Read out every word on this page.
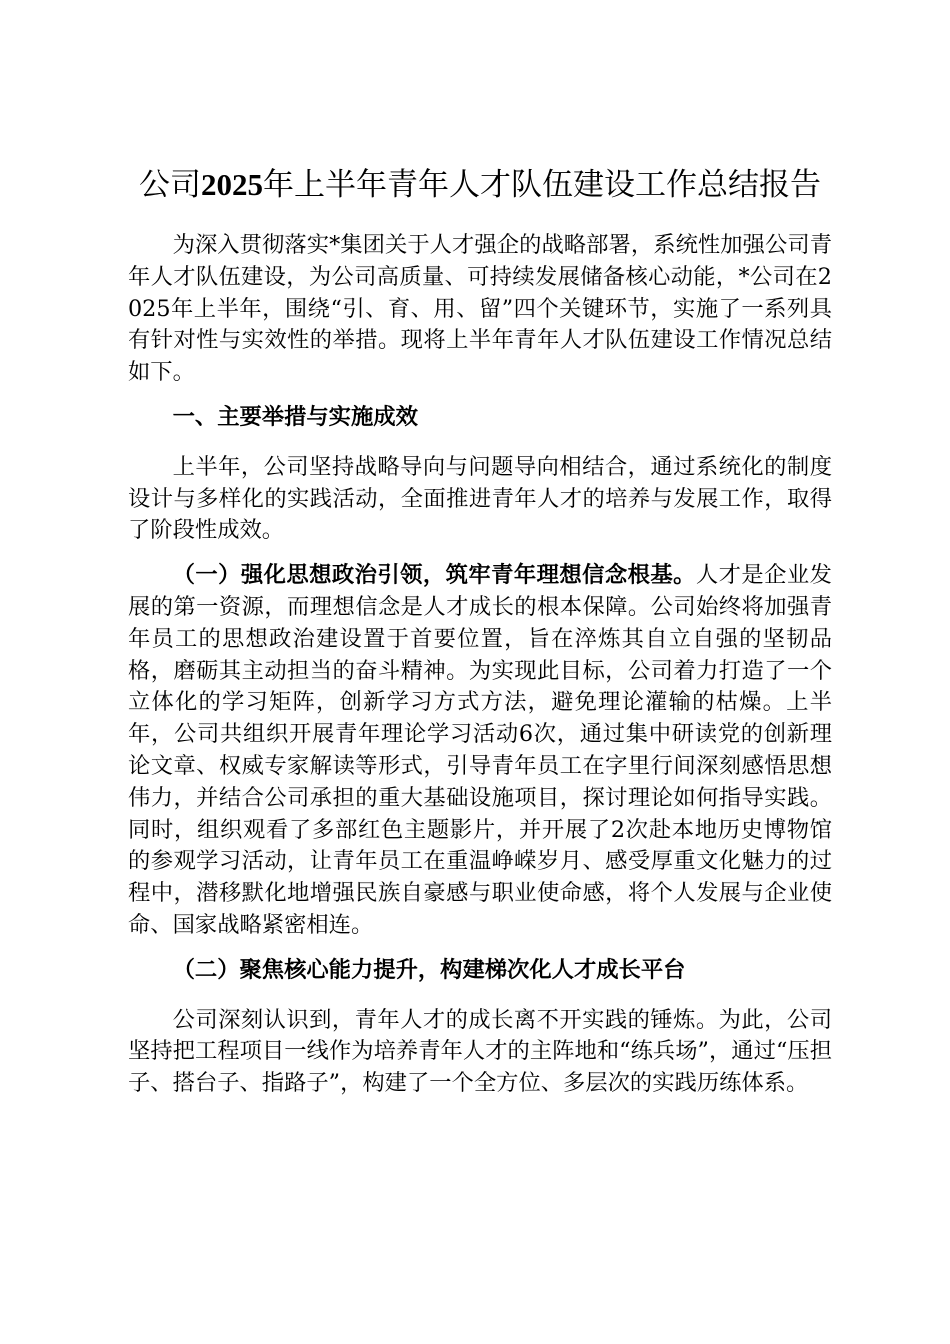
公司2025年上半年青年人才队伍建设工作总结报告

为深入贯彻落实*集团关于人才强企的战略部署，系统性加强公司青年人才队伍建设，为公司高质量、可持续发展储备核心动能，*公司在2025年上半年，围绕“引、育、用、留”四个关键环节，实施了一系列具有针对性与实效性的举措。现将上半年青年人才队伍建设工作情况总结如下。

一、主要举措与实施成效

上半年，公司坚持战略导向与问题导向相结合，通过系统化的制度设计与多样化的实践活动，全面推进青年人才的培养与发展工作，取得了阶段性成效。

（一）强化思想政治引领，筑牢青年理想信念根基。人才是企业发展的第一资源，而理想信念是人才成长的根本保障。公司始终将加强青年员工的思想政治建设置于首要位置，旨在淬炼其自立自强的坚韧品格，磨砺其主动担当的奋斗精神。为实现此目标，公司着力打造了一个立体化的学习矩阵，创新学习方式方法，避免理论灌输的枯燥。上半年，公司共组织开展青年理论学习活动6次，通过集中研读党的创新理论文章、权威专家解读等形式，引导青年员工在字里行间深刻感悟思想伟力，并结合公司承担的重大基础设施项目，探讨理论如何指导实践。同时，组织观看了多部红色主题影片，并开展了2次赴本地历史博物馆的参观学习活动，让青年员工在重温峥嵘岁月、感受厚重文化魅力的过程中，潜移默化地增强民族自豪感与职业使命感，将个人发展与企业使命、国家战略紧密相连。

（二）聚焦核心能力提升，构建梯次化人才成长平台

公司深刻认识到，青年人才的成长离不开实践的锤炼。为此，公司坚持把工程项目一线作为培养青年人才的主阵地和“练兵场”，通过“压担子、搭台子、指路子”，构建了一个全方位、多层次的实践历练体系。
